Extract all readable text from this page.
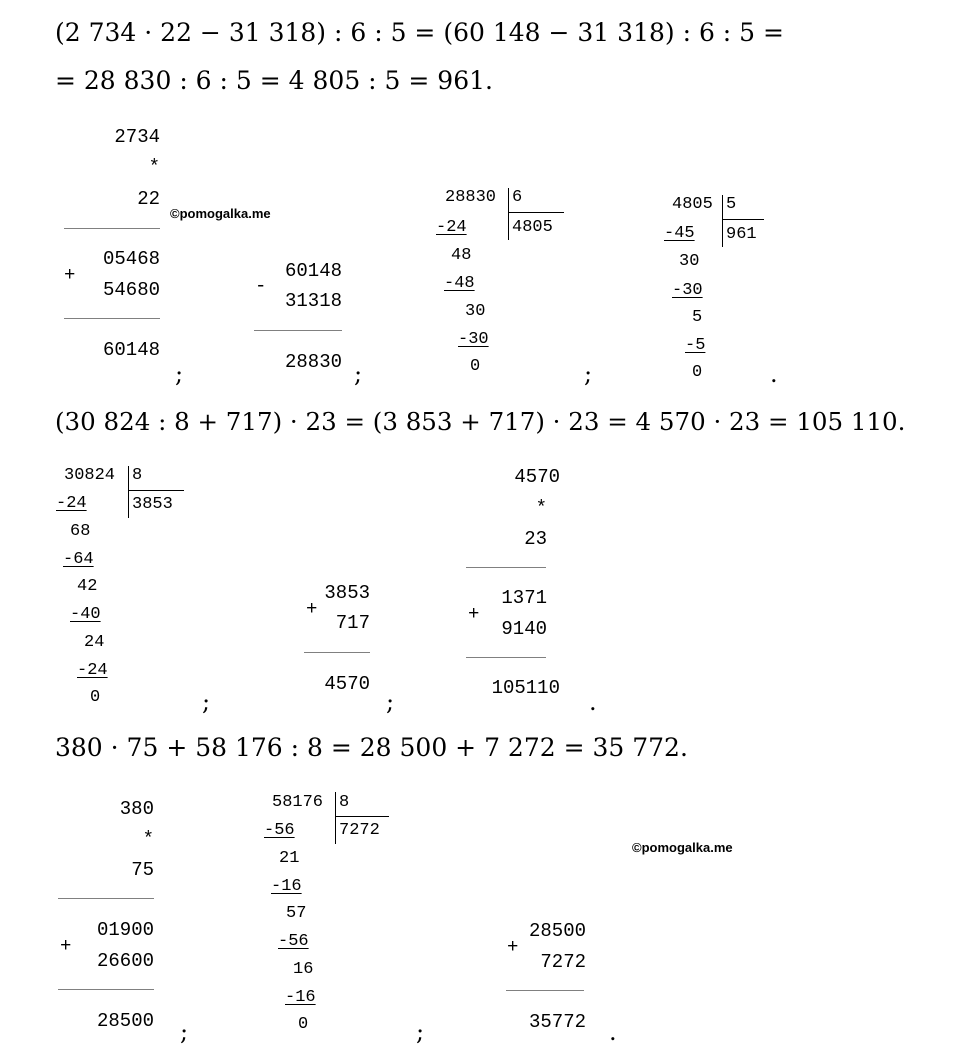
(2 734 · 22 − 31 318) : 6 : 5 = (60 148 − 31 318) : 6 : 5 =
= 28 830 : 6 : 5 = 4 805 : 5 = 961.
2734
*
22
+
05468
54680
60148
©pomogalka.me
;
-
60148
31318
28830 ;
28830 6
4805
-24
48
-48
30
-30
0	;
4805 5
961
-45
30
-30
5
-5
0	.
(30 824 : 8 + 717) · 23 = (3 853 + 717) · 23 = 4 570 · 23 = 105 110.
30824 8
3853
-24
68
-64
42
-40
24
-24
0	;
+
3853
717
4570
;
4570
*
23
+
1371
9140
105110 .
380 · 75 + 58 176 : 8 = 28 500 + 7 272 = 35 772.
380
*
75
+
01900
26600
28500 ;
58176 8
7272
-56
21
-16
57
-56
16
-16
0	;
©pomogalka.me
+
28500
7272
35772 .
